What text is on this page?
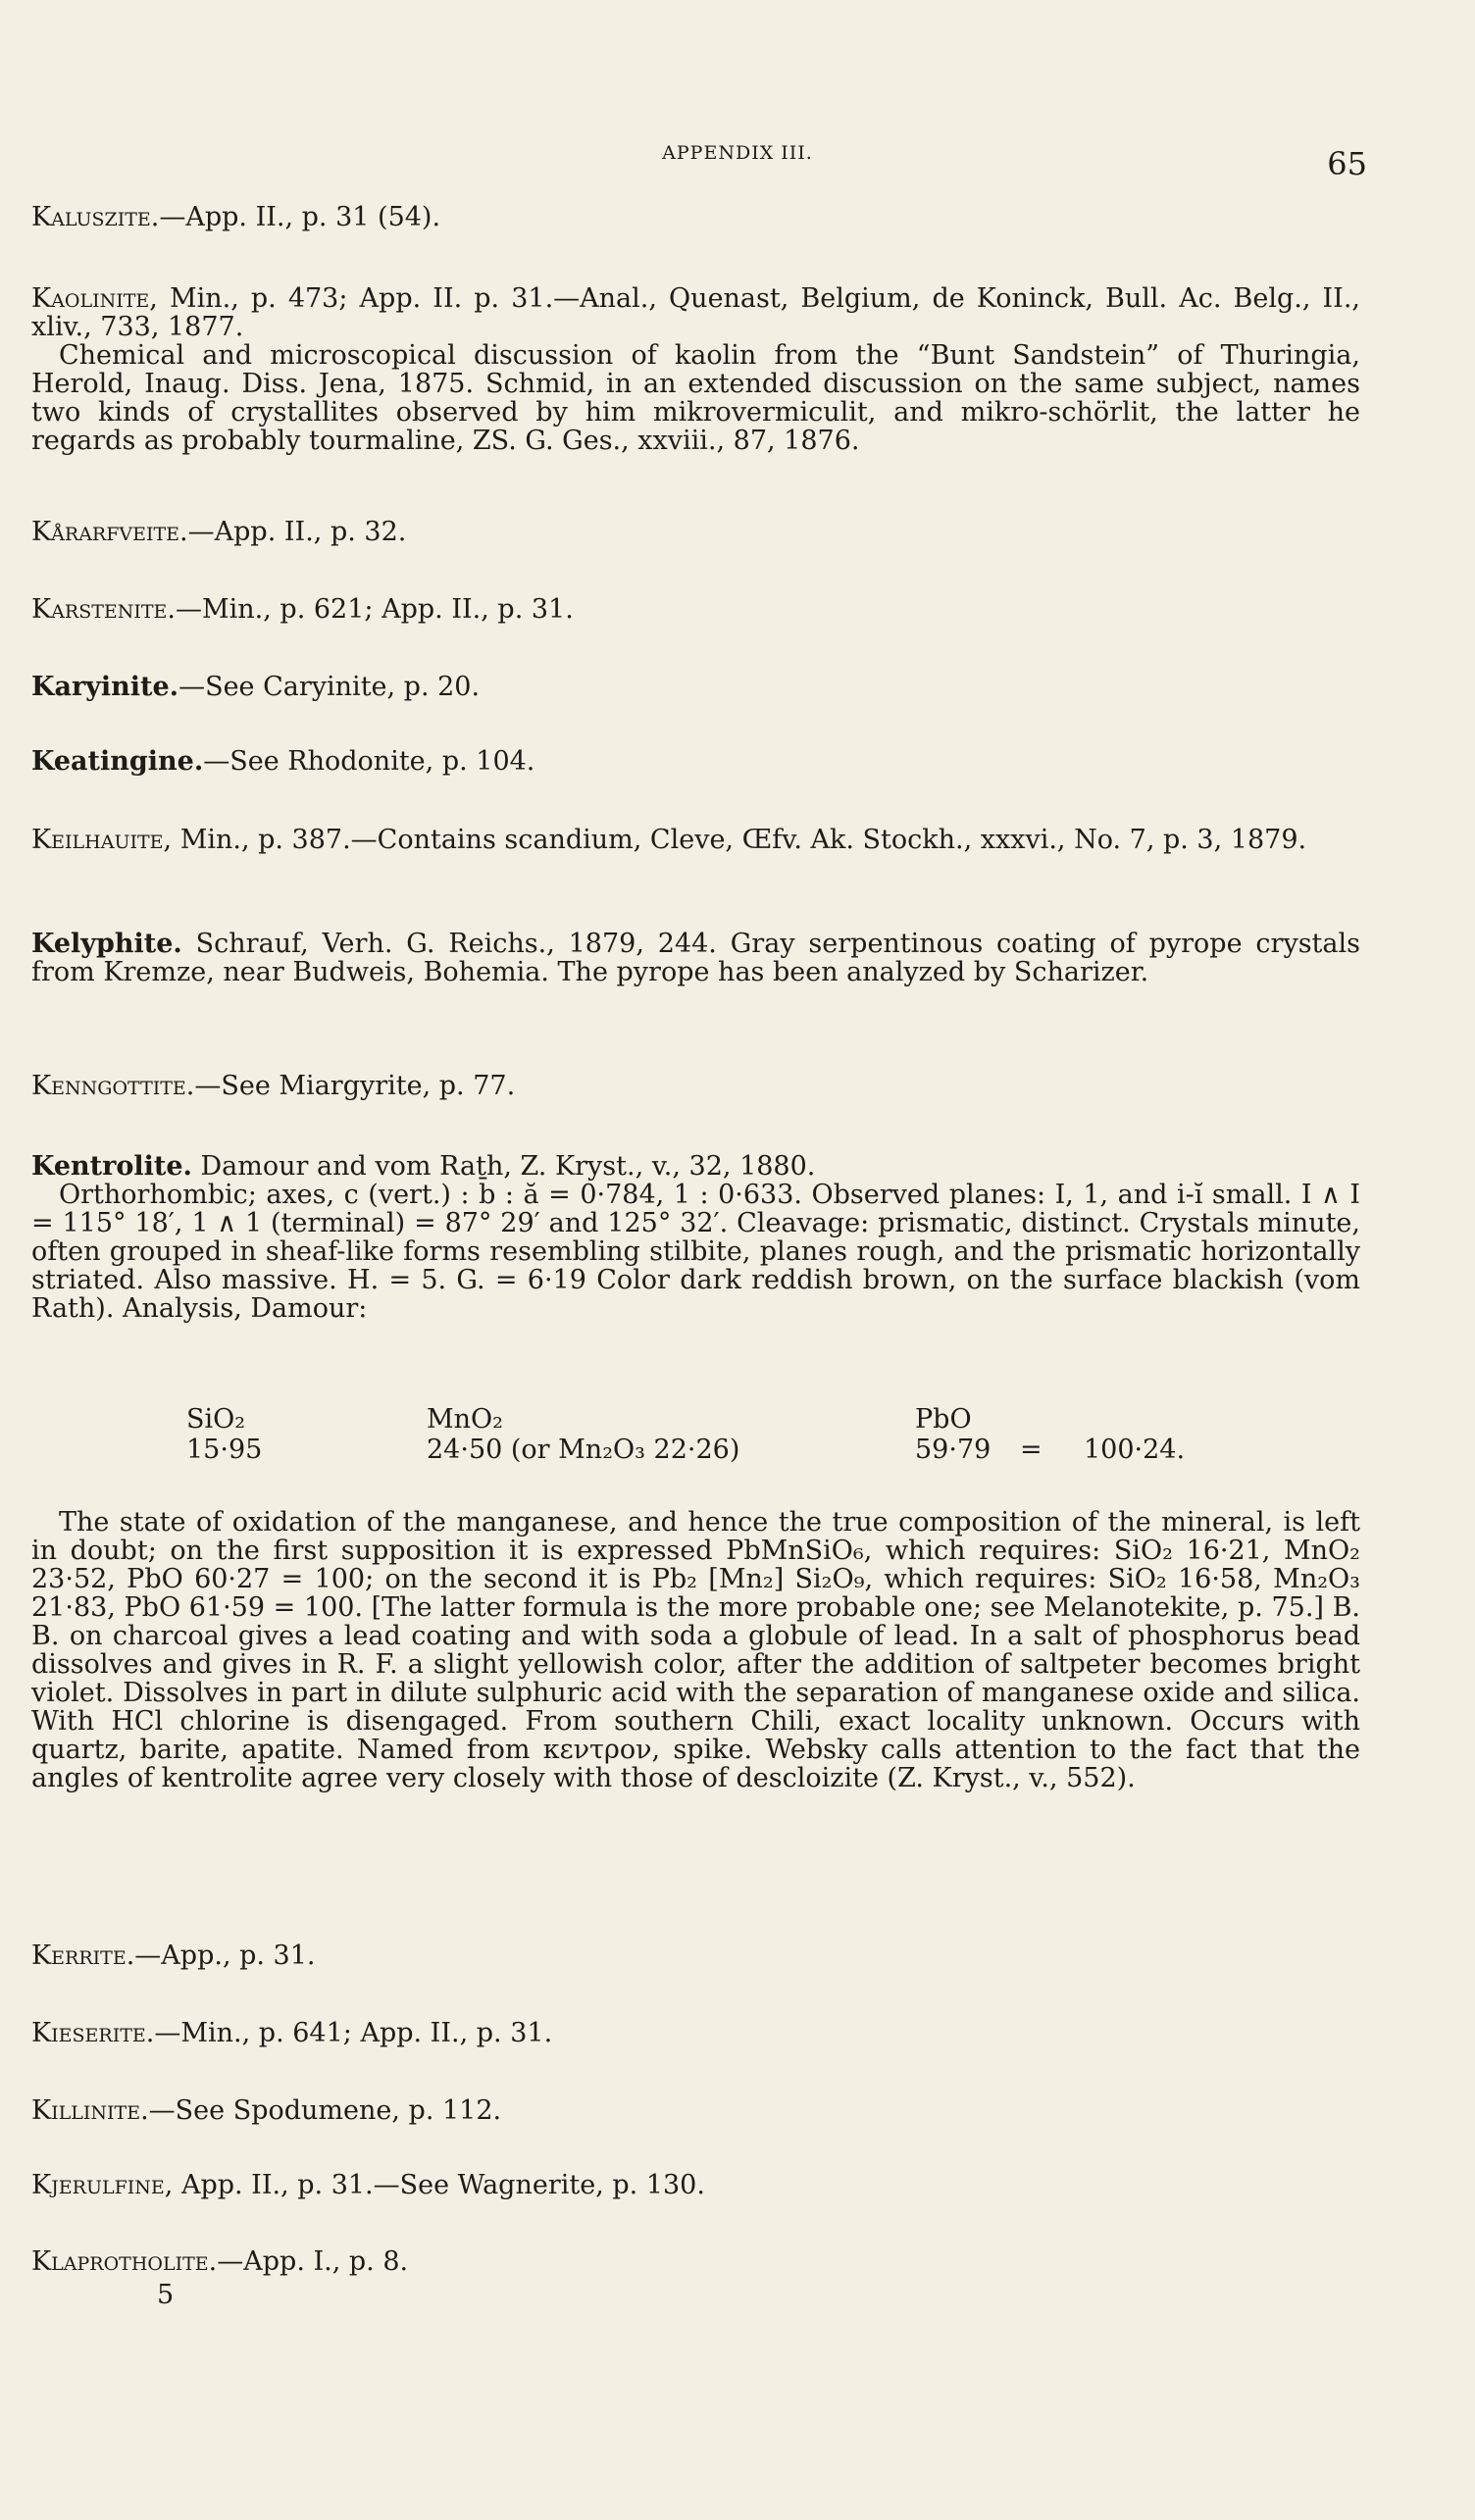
APPENDIX III.	65

Kaluszite.—App. II., p. 31 (54).

Kaolinite, Min., p. 473; App. II. p. 31.—Anal., Quenast, Belgium, de Koninck, Bull. Ac. Belg., II., xliv., 733, 1877.

Chemical and microscopical discussion of kaolin from the “Bunt Sandstein” of Thuringia, Herold, Inaug. Diss. Jena, 1875. Schmid, in an extended discussion on the same subject, names two kinds of crystallites observed by him mikrovermiculit, and mikro-schörlit, the latter he regards as probably tourmaline, ZS. G. Ges., xxviii., 87, 1876.

Kårarfveite.—App. II., p. 32.

Karstenite.—Min., p. 621; App. II., p. 31.

Karyinite.—See Caryinite, p. 20.

Keatingine.—See Rhodonite, p. 104.

Keilhauite, Min., p. 387.—Contains scandium, Cleve, Œfv. Ak. Stockh., xxxvi., No. 7, p. 3, 1879.

Kelyphite. Schrauf, Verh. G. Reichs., 1879, 244. Gray serpentinous coating of pyrope crystals from Kremze, near Budweis, Bohemia. The pyrope has been analyzed by Scharizer.

Kenngottite.—See Miargyrite, p. 77.

Kentrolite. Damour and vom Rath, Z. Kryst., v., 32, 1880.

Orthorhombic; axes, c (vert.) : b̄ : ă = 0·784, 1 : 0·633. Observed planes: I, 1, and i-ĭ small. I ∧ I = 115° 18′, 1 ∧ 1 (terminal) = 87° 29′ and 125° 32′. Cleavage: prismatic, distinct. Crystals minute, often grouped in sheaf-like forms resembling stilbite, planes rough, and the prismatic horizontally striated. Also massive. H. = 5. G. = 6·19 Color dark reddish brown, on the surface blackish (vom Rath). Analysis, Damour:

SiO₂	MnO₂	PbO
15·95	24·50 (or Mn₂O₃ 22·26)	59·79 = 100·24.

The state of oxidation of the manganese, and hence the true composition of the mineral, is left in doubt; on the first supposition it is expressed PbMnSiO₆, which requires: SiO₂ 16·21, MnO₂ 23·52, PbO 60·27 = 100; on the second it is Pb₂ [Mn₂] Si₂O₉, which requires: SiO₂ 16·58, Mn₂O₃ 21·83, PbO 61·59 = 100. [The latter formula is the more probable one; see Melanotekite, p. 75.] B. B. on charcoal gives a lead coating and with soda a globule of lead. In a salt of phosphorus bead dissolves and gives in R. F. a slight yellowish color, after the addition of saltpeter becomes bright violet. Dissolves in part in dilute sulphuric acid with the separation of manganese oxide and silica. With HCl chlorine is disengaged. From southern Chili, exact locality unknown. Occurs with quartz, barite, apatite. Named from κεντρον, spike. Websky calls attention to the fact that the angles of kentrolite agree very closely with those of descloizite (Z. Kryst., v., 552).

Kerrite.—App., p. 31.

Kieserite.—Min., p. 641; App. II., p. 31.

Killinite.—See Spodumene, p. 112.

Kjerulfine, App. II., p. 31.—See Wagnerite, p. 130.

Klaprotholite.—App. I., p. 8.

5
